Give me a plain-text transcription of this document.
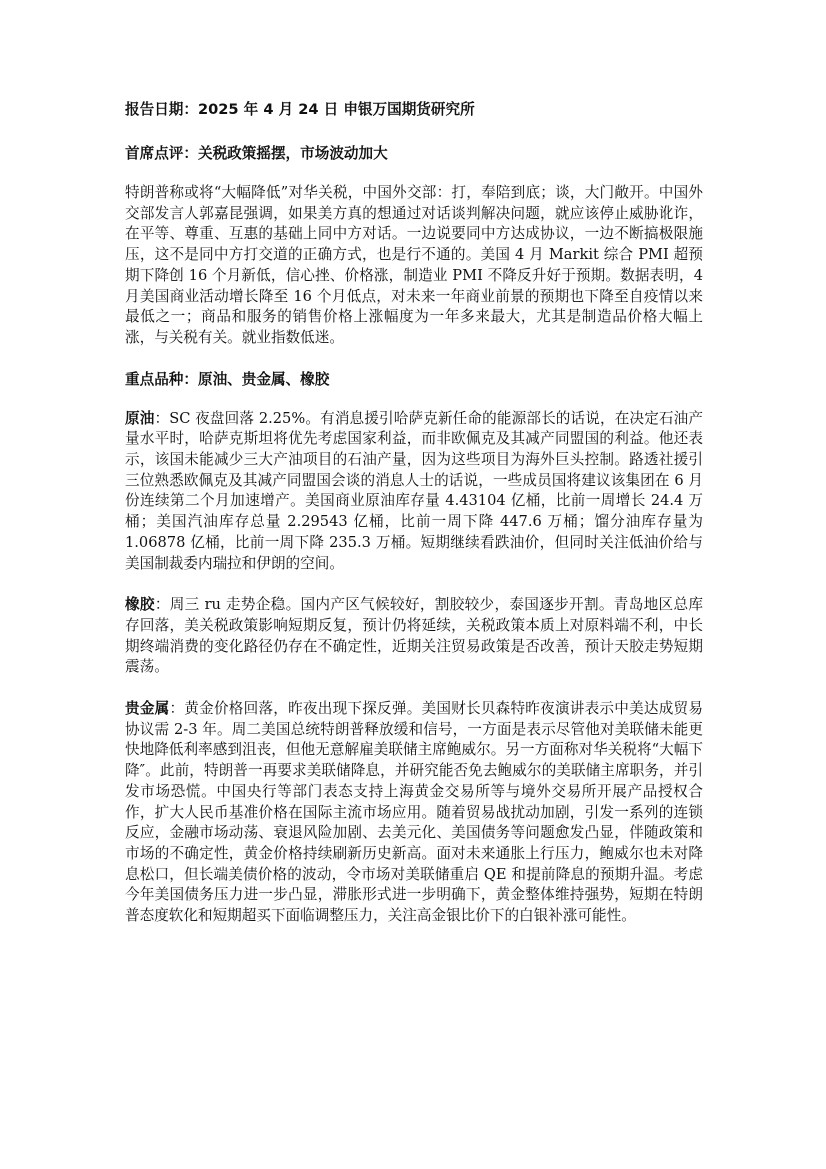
报告日期：2025 年 4 月 24 日 申银万国期货研究所

首席点评：关税政策摇摆，市场波动加大

特朗普称或将“大幅降低”对华关税，中国外交部：打，奉陪到底；谈，大门敞开。中国外交部发言人郭嘉昆强调，如果美方真的想通过对话谈判解决问题，就应该停止威胁讹诈，在平等、尊重、互惠的基础上同中方对话。一边说要同中方达成协议，一边不断搞极限施压，这不是同中方打交道的正确方式，也是行不通的。美国 4 月 Markit 综合 PMI 超预期下降创 16 个月新低，信心挫、价格涨，制造业 PMI 不降反升好于预期。数据表明，4 月美国商业活动增长降至 16 个月低点，对未来一年商业前景的预期也下降至自疫情以来最低之一；商品和服务的销售价格上涨幅度为一年多来最大，尤其是制造品价格大幅上涨，与关税有关。就业指数低迷。

重点品种：原油、贵金属、橡胶

原油：SC 夜盘回落 2.25%。有消息援引哈萨克新任命的能源部长的话说，在决定石油产量水平时，哈萨克斯坦将优先考虑国家利益，而非欧佩克及其减产同盟国的利益。他还表示，该国未能减少三大产油项目的石油产量，因为这些项目为海外巨头控制。路透社援引三位熟悉欧佩克及其减产同盟国会谈的消息人士的话说，一些成员国将建议该集团在 6 月份连续第二个月加速增产。美国商业原油库存量 4.43104 亿桶，比前一周增长 24.4 万桶；美国汽油库存总量 2.29543 亿桶，比前一周下降 447.6 万桶；馏分油库存量为 1.06878 亿桶，比前一周下降 235.3 万桶。短期继续看跌油价，但同时关注低油价给与美国制裁委内瑞拉和伊朗的空间。

橡胶：周三 ru 走势企稳。国内产区气候较好，割胶较少，泰国逐步开割。青岛地区总库存回落，美关税政策影响短期反复，预计仍将延续，关税政策本质上对原料端不利，中长期终端消费的变化路径仍存在不确定性，近期关注贸易政策是否改善，预计天胶走势短期震荡。

贵金属：黄金价格回落，昨夜出现下探反弹。美国财长贝森特昨夜演讲表示中美达成贸易协议需 2-3 年。周二美国总统特朗普释放缓和信号，一方面是表示尽管他对美联储未能更快地降低利率感到沮丧，但他无意解雇美联储主席鲍威尔。另一方面称对华关税将“大幅下降″。此前，特朗普一再要求美联储降息，并研究能否免去鲍威尔的美联储主席职务，并引发市场恐慌。中国央行等部门表态支持上海黄金交易所等与境外交易所开展产品授权合作，扩大人民币基准价格在国际主流市场应用。随着贸易战扰动加剧，引发一系列的连锁反应，金融市场动荡、衰退风险加剧、去美元化、美国债务等问题愈发凸显，伴随政策和市场的不确定性，黄金价格持续刷新历史新高。面对未来通胀上行压力，鲍威尔也未对降息松口，但长端美债价格的波动，令市场对美联储重启 QE 和提前降息的预期升温。考虑今年美国债务压力进一步凸显，滞胀形式进一步明确下，黄金整体维持强势，短期在特朗普态度软化和短期超买下面临调整压力，关注高金银比价下的白银补涨可能性。
